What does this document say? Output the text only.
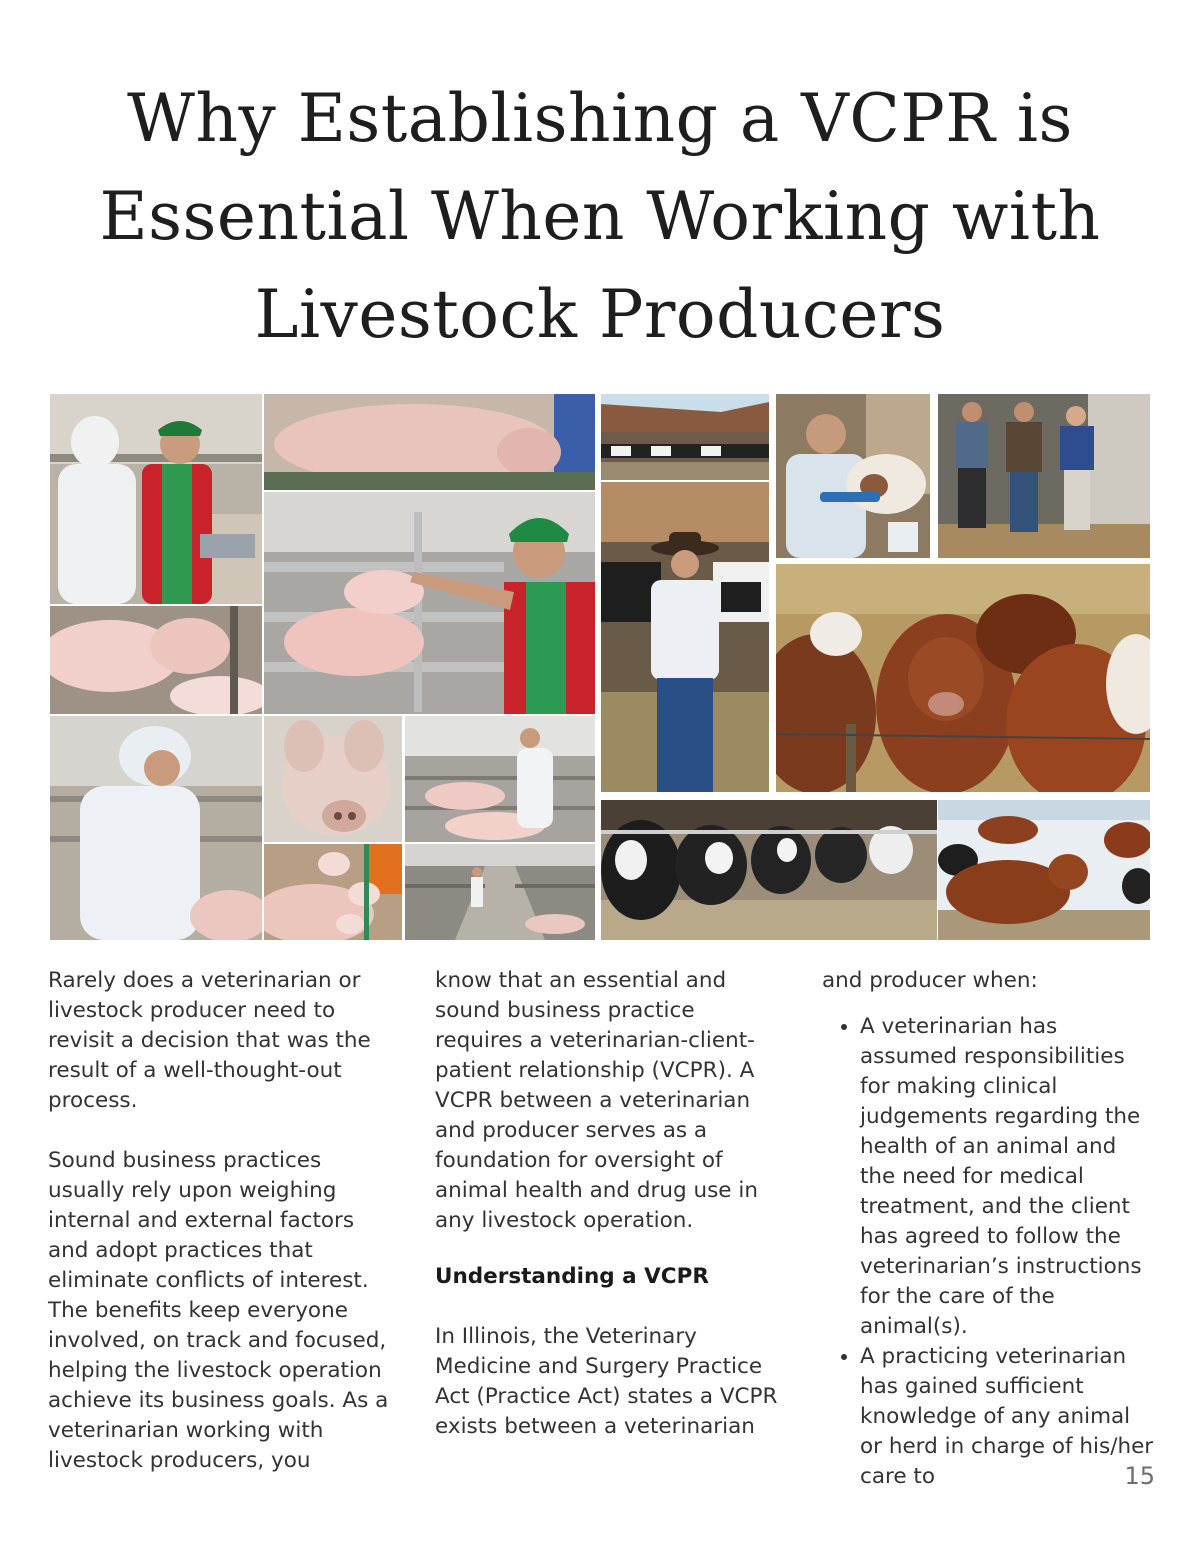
Why Establishing a VCPR is
Essential When Working with
Livestock Producers

Rarely does a veterinarian or livestock producer need to revisit a decision that was the result of a well-thought-out process.

Sound business practices usually rely upon weighing internal and external factors and adopt practices that eliminate conflicts of interest. The benefits keep everyone involved, on track and focused, helping the livestock operation achieve its business goals. As a veterinarian working with livestock producers, you

know that an essential and sound business practice requires a veterinarian-client-patient relationship (VCPR). A VCPR between a veterinarian and producer serves as a foundation for oversight of animal health and drug use in any livestock operation.

Understanding a VCPR

In Illinois, the Veterinary Medicine and Surgery Practice Act (Practice Act) states a VCPR exists between a veterinarian

and producer when:

• A veterinarian has assumed responsibilities for making clinical judgements regarding the health of an animal and the need for medical treatment, and the client has agreed to follow the veterinarian’s instructions for the care of the animal(s).
• A practicing veterinarian has gained sufficient knowledge of any animal or herd in charge of his/her care to	15
